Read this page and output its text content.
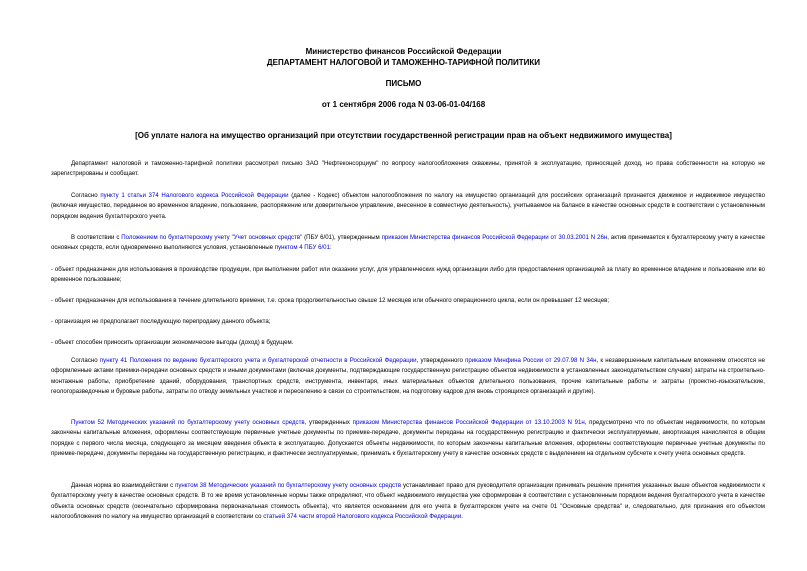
Министерство финансов Российской Федерации
ДЕПАРТАМЕНТ НАЛОГОВОЙ И ТАМОЖЕННО-ТАРИФНОЙ ПОЛИТИКИ
ПИСЬМО
от 1 сентября 2006 года N 03-06-01-04/168
[Об уплате налога на имущество организаций при отсутствии государственной регистрации прав на объект недвижимого имущества]
Департамент налоговой и таможенно-тарифной политики рассмотрел письмо ЗАО "Нефтеконсорциум" по вопросу налогообложения скважины, принятой в эксплуатацию, приносящей доход, но права собственности на которую не зарегистрированы и сообщает.
Согласно пункту 1 статьи 374 Налогового кодекса Российской Федерации (далее - Кодекс) объектом налогообложения по налогу на имущество организаций для российских организаций признается движимое и недвижимое имущество (включая имущество, переданное во временное владение, пользование, распоряжение или доверительное управление, внесенное в совместную деятельность), учитываемое на балансе в качестве основных средств в соответствии с установленным порядком ведения бухгалтерского учета.
В соответствии с Положением по бухгалтерскому учету "Учет основных средств" (ПБУ 6/01), утвержденным приказом Министерства финансов Российской Федерации от 30.03.2001 N 26н, актив принимается к бухгалтерскому учету в качестве основных средств, если одновременно выполняются условия, установленные пунктом 4 ПБУ 6/01:
- объект предназначен для использования в производстве продукции, при выполнении работ или оказании услуг, для управленческих нужд организации либо для предоставления организацией за плату во временное владение и пользование или во временное пользование;
- объект предназначен для использования в течение длительного времени, т.е. срока продолжительностью свыше 12 месяцев или обычного операционного цикла, если он превышает 12 месяцев;
- организация не предполагает последующую перепродажу данного объекта;
- объект способен приносить организации экономические выгоды (доход) в будущем.
Согласно пункту 41 Положения по ведению бухгалтерского учета и бухгалтерской отчетности в Российской Федерации, утвержденного приказом Минфина России от 29.07.98 N 34н, к незавершенным капитальным вложениям относятся не оформленные актами приемки-передачи основных средств и иными документами (включая документы, подтверждающие государственную регистрацию объектов недвижимости в установленных законодательством случаях) затраты на строительно-монтажные работы, приобретение зданий, оборудования, транспортных средств, инструмента, инвентаря, иных материальных объектов длительного пользования, прочие капитальные работы и затраты (проектно-изыскательские, геологоразведочные и буровые работы, затраты по отводу земельных участков и переселению в связи со строительством, на подготовку кадров для вновь строящихся организаций и другие).
Пунктом 52 Методических указаний по бухгалтерскому учету основных средств, утвержденных приказом Министерства финансов Российской Федерации от 13.10.2003 N 91н, предусмотрено что по объектам недвижимости, по которым закончены капитальные вложения, оформлены соответствующие первичные учетные документы по приемке-передаче, документы переданы на государственную регистрацию и фактически эксплуатируемым, амортизация начисляется в общем порядке с первого числа месяца, следующего за месяцем введения объекта в эксплуатацию. Допускается объекты недвижимости, по которым закончены капитальные вложения, оформлены соответствующие первичные учетные документы по приемке-передаче, документы переданы на государственную регистрацию, и фактически эксплуатируемые, принимать к бухгалтерскому учету в качестве основных средств с выделением на отдельном субсчете к счету учета основных средств.
Данная норма во взаимодействии с пунктом 38 Методических указаний по бухгалтерскому учету основных средств устанавливает право для руководителя организации принимать решение принятия указанных выше объектов недвижимости к бухгалтерскому учету в качестве основных средств. В то же время установленные нормы также определяют, что объект недвижимого имущества уже сформирован в соответствии с установленным порядком ведения бухгалтерского учета в качестве объекта основных средств (окончательно сформирована первоначальная стоимость объекта), что является основанием для его учета в бухгалтерском учете на счете 01 "Основные средства" и, следовательно, для признания его объектом налогообложения по налогу на имущество организаций в соответствии со статьей 374 части второй Налогового кодекса Российской Федерации.
